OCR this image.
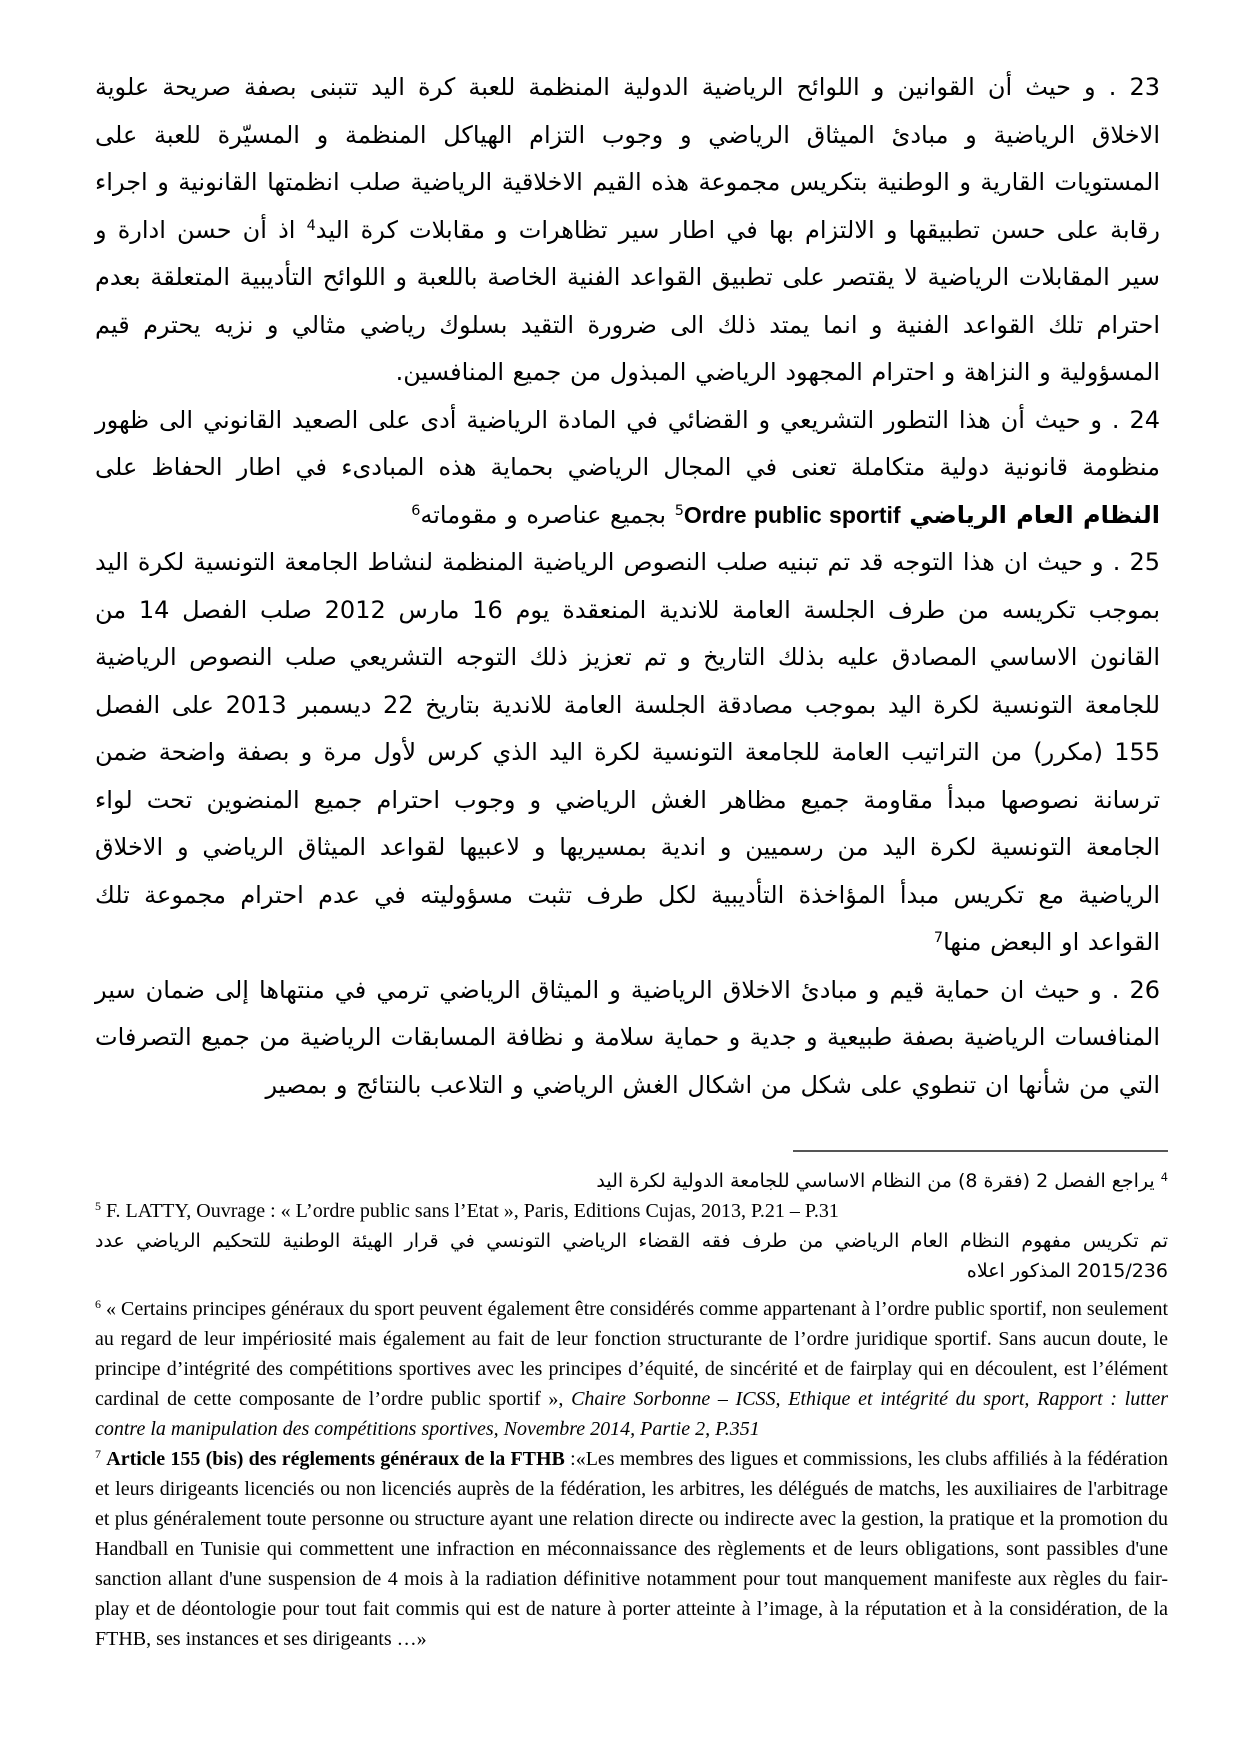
23 . و حيث أن القوانين و اللوائح الرياضية الدولية المنظمة للعبة كرة اليد تتبنى بصفة صريحة علوية الاخلاق الرياضية و مبادئ الميثاق الرياضي و وجوب التزام الهياكل المنظمة و المسيّرة للعبة على المستويات القارية و الوطنية بتكريس مجموعة هذه القيم الاخلاقية الرياضية صلب انظمتها القانونية و اجراء رقابة على حسن تطبيقها و الالتزام بها في اطار سير تظاهرات و مقابلات كرة اليد$^4$ اذ أن حسن ادارة و سير المقابلات الرياضية لا يقتصر على تطبيق القواعد الفنية الخاصة باللعبة و اللوائح التأديبية المتعلقة بعدم احترام تلك القواعد الفنية و انما يمتد ذلك الى ضرورة التقيد بسلوك رياضي مثالي و نزيه يحترم قيم المسؤولية و النزاهة و احترام المجهود الرياضي المبذول من جميع المنافسين.

24 . و حيث أن هذا التطور التشريعي و القضائي في المادة الرياضية أدى على الصعيد القانوني الى ظهور منظومة قانونية دولية متكاملة تعنى في المجال الرياضي بحماية هذه المبادىء في اطار الحفاظ على النظام العام الرياضي Ordre public sportif$^5$ بجميع عناصره و مقوماته$^6$

25 . و حيث ان هذا التوجه قد تم تبنيه صلب النصوص الرياضية المنظمة لنشاط الجامعة التونسية لكرة اليد بموجب تكريسه من طرف الجلسة العامة للاندية المنعقدة يوم 16 مارس 2012 صلب الفصل 14 من القانون الاساسي المصادق عليه بذلك التاريخ و تم تعزيز ذلك التوجه التشريعي صلب النصوص الرياضية للجامعة التونسية لكرة اليد بموجب مصادقة الجلسة العامة للاندية بتاريخ 22 ديسمبر 2013 على الفصل 155 (مكرر) من التراتيب العامة للجامعة التونسية لكرة اليد الذي كرس لأول مرة و بصفة واضحة ضمن ترسانة نصوصها مبدأ مقاومة جميع مظاهر الغش الرياضي و وجوب احترام جميع المنضوين تحت لواء الجامعة التونسية لكرة اليد من رسميين و اندية بمسيريها و لاعبيها لقواعد الميثاق الرياضي و الاخلاق الرياضية مع تكريس مبدأ المؤاخذة التأديبية لكل طرف تثبت مسؤوليته في عدم احترام مجموعة تلك القواعد او البعض منها$^7$

26 . و حيث ان حماية قيم و مبادئ الاخلاق الرياضية و الميثاق الرياضي ترمي في منتهاها إلى ضمان سير المنافسات الرياضية بصفة طبيعية و جدية و حماية سلامة و نظافة المسابقات الرياضية من جميع التصرفات التي من شأنها ان تنطوي على شكل من اشكال الغش الرياضي و التلاعب بالنتائج و بمصير

$^4$ يراجع الفصل 2 (فقرة 8) من النظام الاساسي للجامعة الدولية لكرة اليد

$^5$ F. LATTY, Ouvrage : « L’ordre public sans l’Etat », Paris, Editions Cujas, 2013, P.21 – P.31

تم تكريس مفهوم النظام العام الرياضي من طرف فقه القضاء الرياضي التونسي في قرار الهيئة الوطنية للتحكيم الرياضي عدد 2015/236 المذكور اعلاه

$^6$ « Certains principes généraux du sport peuvent également être considérés comme appartenant à l’ordre public sportif, non seulement au regard de leur impériosité mais également au fait de leur fonction structurante de l’ordre juridique sportif. Sans aucun doute, le principe d’intégrité des compétitions sportives avec les principes d’équité, de sincérité et de fairplay qui en découlent, est l’élément cardinal de cette composante de l’ordre public sportif », Chaire Sorbonne – ICSS, Ethique et intégrité du sport, Rapport : lutter contre la manipulation des compétitions sportives, Novembre 2014, Partie 2, P.351

$^7$ Article 155 (bis) des réglements généraux de la FTHB :«Les membres des ligues et commissions, les clubs affiliés à la fédération et leurs dirigeants licenciés ou non licenciés auprès de la fédération, les arbitres, les délégués de matchs, les auxiliaires de l'arbitrage et plus généralement toute personne ou structure ayant une relation directe ou indirecte avec la gestion, la pratique et la promotion du Handball en Tunisie qui commettent une infraction en méconnaissance des règlements et de leurs obligations, sont passibles d'une sanction allant d'une suspension de 4 mois à la radiation définitive notamment pour tout manquement manifeste aux règles du fair-play et de déontologie pour tout fait commis qui est de nature à porter atteinte à l’image, à la réputation et à la considération, de la FTHB, ses instances et ses dirigeants …»
